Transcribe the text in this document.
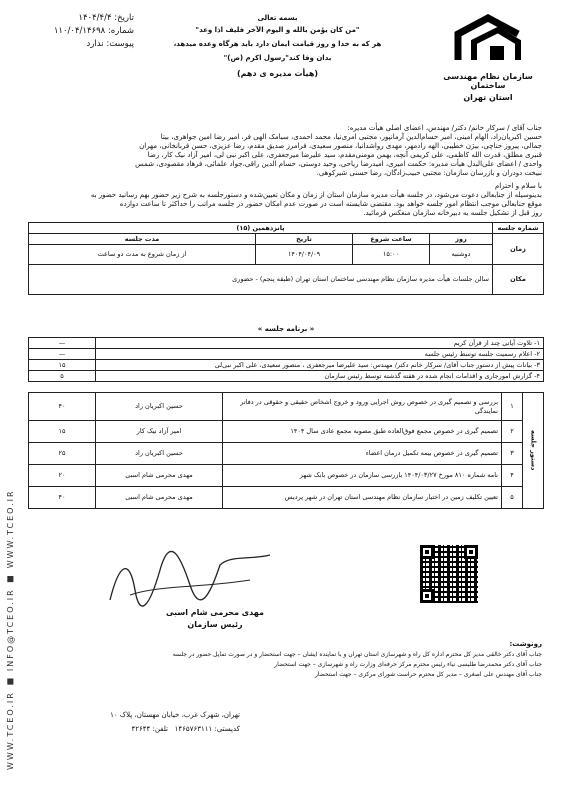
WWW.TCEO.IR ■ INFO@TCEO.IR ■ WWW.TCEO.IR
تاریخ: ۱۴۰۴/۴/۴
شماره: ۱۱۰/۰۴/۱۴۶۹۸
پیوست: ندارد
بسمه تعالی
"من کان یؤمن بالله و الیوم الآخر فلیف اذا وعد"
هر که به خدا و روز قیامت ایمان دارد باید هرگاه وعده میدهد،
بدان وفا کند"رسول اکرم (ص)"
(هیأت مدیره ی دهم)	سازمان نظام مهندسی ساختمان
استان تهران
جناب آقای / سرکار خانم/ دکتر/ مهندس، اعضای اصلی هیأت مدیره:
حسین اکبریان‌راد، الهام امینی، امیر حسام‌الدین آرمانپور، مجتبی امری‌نیا، محمد احمدی، سیامک الهی فر، امیر رضا امین جواهری، بیتا
جمالی، پیروز حناچی، بیژن خطیبی، الهه رادمهر، مهدی رواشدانیا، منصور سعیدی، فرامرز صدیق مقدم، رضا عزیزی، حسن فربانخانی، مهران
قنبری مطلق، قدرت الله کاظمی، علی کریمی آنچه، بهمن مومنی‌مقدم، سید علیرضا میرجعفری، علی اکبر نبی لی، امیر آزاد نیک کار، رضا
واحدی / اعضای علی‌البدل هیأت مدیره: حکمت امیری، امیدرضا ریاحی، وحید دوستی، حسام الدین راقی،جواد علمائی، فرهاد مقصودی، شمس
نبیخت دودران و بازرسان سازمان: مجتبی حبیب‌زادگان، رضا حسنی شیرکوهی.
با سلام و احترام
بدینوسیله از جنابعالی دعوت می‌شود، در جلسه هیأت مدیره سازمان استان از زمان و مکان تعیین‌شده و دستورجلسه به شرح زیر حضور بهم رسانید حضور به
موقع جنابعالی موجب انتظام امور جلسه خواهد بود. مقتضی شایسته است در صورت عدم امکان حضور در جلسه مراتب را حداکثر تا ساعت دوازده
روز قبل از تشکیل جلسه به دبیرخانه سازمان منعکس فرمائید.
شماره جلسه	پانزدهمین (۱۵)			
زمان	روز	ساعت شروع	تاریخ	مدت جلسه
	دوشنبه	۱۵:۰۰	۱۴۰۴/۰۴/۰۹	از زمان شروع به مدت دو ساعت
مکان	سالن جلسات هیأت مدیره سازمان نظام مهندسی ساختمان استان تهران (طبقه پنجم) - حضوری			
« برنامه جلسه »
۱- تلاوت آیاتی چند از قرآن کریم	—
۲- اعلام رسمیت جلسه توسط رئیس جلسه	—
۳- بیانات پیش از دستور جناب آقای/ سرکار خانم دکتر/ مهندس: سید علیرضا میرجعفری ، منصور سعیدی، علی اکبر نبی‌لی	۱۵
۴- گزارش امورجاری و اقدامات انجام شده در هفته گذشته توسط رئیس سازمان	۵
دستور جلسه	۱	بررسی و تصمیم گیری در خصوص روش اجرایی ورود و خروج اشخاص حقیقی و حقوقی در دفاتر نمایندگی	حسین اکبریان راد	۴۰
	۲	تصمیم گیری در خصوص مجمع فوق‌العاده طبق مصوبه مجمع عادی سال ۱۴۰۴	امیر آزاد نیک کار	۱۵
	۳	تصمیم گیری در خصوص بیمه تکمیل درمان اعضاء	حسین اکبریان راد	۲۵
	۴	نامه شماره ۸۱۰ مورخ ۱۴۰۴/۰۳/۲۷ بازرسی سازمان در خصوص بانک شهر	مهدی محرمی شام اسبی	۲۰
	۵	تعیین تکلیف زمین در اختیار سازمان نظام مهندسی استان تهران در شهر پردیس	مهدی محرمی شام اسبی	۴۰
مهدی محرمی شام اسبی
رئیس سازمان
رونوشت:
جناب آقای دکتر خالقی مدیر کل محترم اداره کل راه و شهرسازی استان تهران و با نماینده ایشان – جهت استحضار و در صورت تمایل حضور در جلسه
جناب آقای دکتر محمدرضا طلیسی نیاء رئیس محترم مرکز حرفه‌ای وزارت راه و شهرسازی – جهت استحضار
جناب آقای مهندس علی اصغری – مدیر کل محترم حراست شورای مرکزی – جهت استحضار
تهران، شهرک غرب، خیابان مهستان، پلاک ۱۰
کدپستی: ۱۴۶۵۷۶۳۱۱۱   تلفن: ۴۲۶۴۴
